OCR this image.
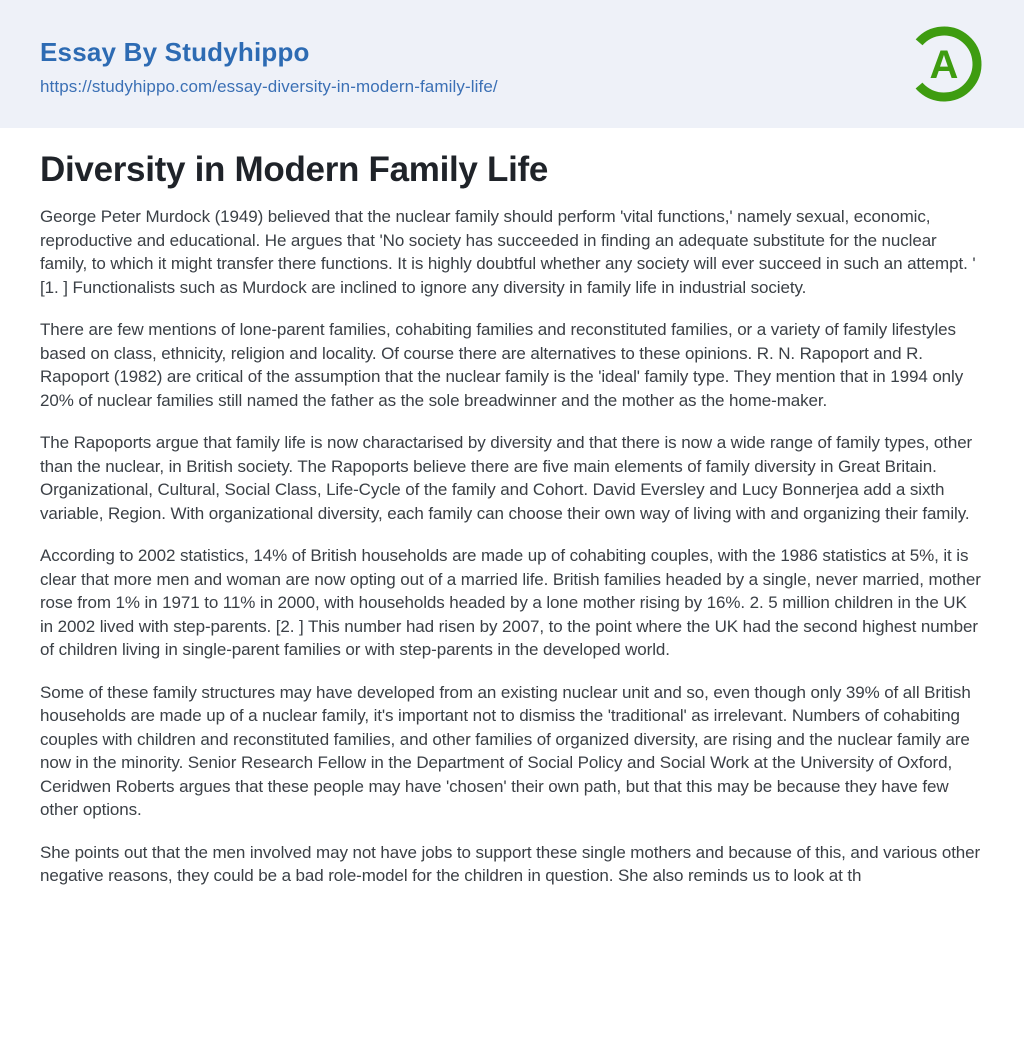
Essay By Studyhippo
https://studyhippo.com/essay-diversity-in-modern-family-life/	A
Diversity in Modern Family Life

George Peter Murdock (1949) believed that the nuclear family should perform 'vital functions,' namely sexual, economic, reproductive and educational. He argues that 'No society has succeeded in finding an adequate substitute for the nuclear family, to which it might transfer there functions. It is highly doubtful whether any society will ever succeed in such an attempt. ' [1. ] Functionalists such as Murdock are inclined to ignore any diversity in family life in industrial society.

There are few mentions of lone-parent families, cohabiting families and reconstituted families, or a variety of family lifestyles based on class, ethnicity, religion and locality. Of course there are alternatives to these opinions. R. N. Rapoport and R. Rapoport (1982) are critical of the assumption that the nuclear family is the 'ideal' family type. They mention that in 1994 only 20% of nuclear families still named the father as the sole breadwinner and the mother as the home-maker.

The Rapoports argue that family life is now charactarised by diversity and that there is now a wide range of family types, other than the nuclear, in British society. The Rapoports believe there are five main elements of family diversity in Great Britain. Organizational, Cultural, Social Class, Life-Cycle of the family and Cohort. David Eversley and Lucy Bonnerjea add a sixth variable, Region. With organizational diversity, each family can choose their own way of living with and organizing their family.

According to 2002 statistics, 14% of British households are made up of cohabiting couples, with the 1986 statistics at 5%, it is clear that more men and woman are now opting out of a married life. British families headed by a single, never married, mother rose from 1% in 1971 to 11% in 2000, with households headed by a lone mother rising by 16%. 2. 5 million children in the UK in 2002 lived with step-parents. [2. ] This number had risen by 2007, to the point where the UK had the second highest number of children living in single-parent families or with step-parents in the developed world.

Some of these family structures may have developed from an existing nuclear unit and so, even though only 39% of all British households are made up of a nuclear family, it's important not to dismiss the 'traditional' as irrelevant. Numbers of cohabiting couples with children and reconstituted families, and other families of organized diversity, are rising and the nuclear family are now in the minority. Senior Research Fellow in the Department of Social Policy and Social Work at the University of Oxford, Ceridwen Roberts argues that these people may have 'chosen' their own path, but that this may be because they have few other options.

She points out that the men involved may not have jobs to support these single mothers and because of this, and various other negative reasons, they could be a bad role-model for the children in question. She also reminds us to look at th
